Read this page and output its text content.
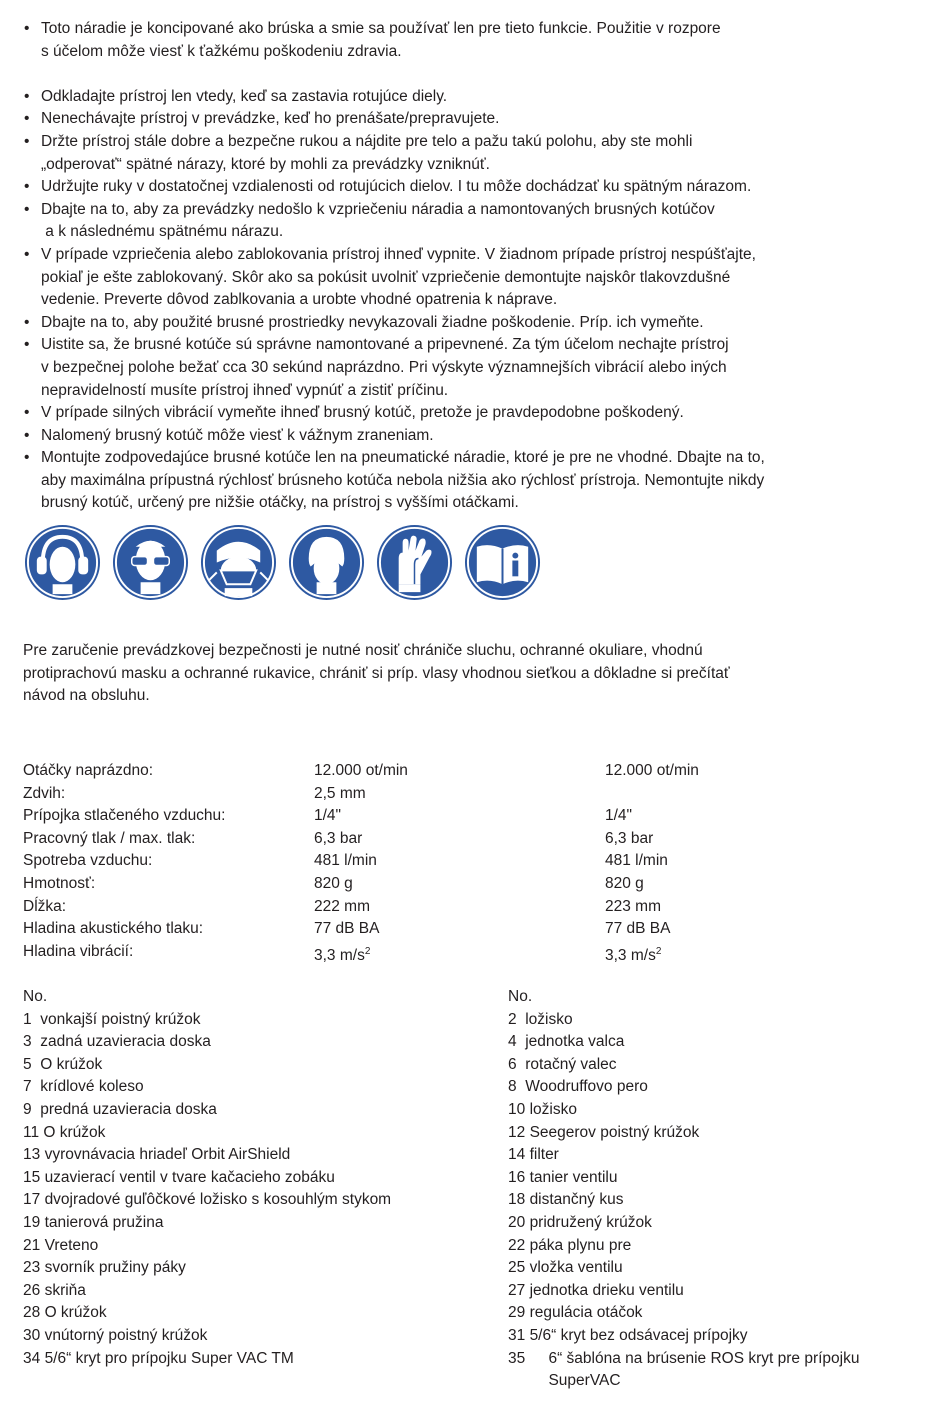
• Toto náradie je koncipované ako brúska a smie sa používať len pre tieto funkcie. Použitie v rozpore
s účelom môže viesť k ťažkému poškodeniu zdravia.
• Odkladajte prístroj len vtedy, keď sa zastavia rotujúce diely.
• Nenechávajte prístroj v prevádzke, keď ho prenášate/prepravujete.
• Držte prístroj stále dobre a bezpečne rukou a nájdite pre telo a pažu takú polohu, aby ste mohli
„odperovať“ spätné nárazy, ktoré by mohli za prevádzky vzniknúť.
• Udržujte ruky v dostatočnej vzdialenosti od rotujúcich dielov. I tu môže dochádzať ku spätným nárazom.
• Dbajte na to, aby za prevádzky nedošlo k vzpriečeniu náradia a namontovaných brusných kotúčov
a k následnému spätnému nárazu.
• V prípade vzpriečenia alebo zablokovania prístroj ihneď vypnite. V žiadnom prípade prístroj nespúšťajte,
pokiaľ je ešte zablokovaný. Skôr ako sa pokúsit uvolniť vzpriečenie demontujte najskôr tlakovzdušné
vedenie. Preverte dôvod zablkovania a urobte vhodné opatrenia k náprave.
• Dbajte na to, aby použité brusné prostriedky nevykazovali žiadne poškodenie. Príp. ich vymeňte.
• Uistite sa, že brusné kotúče sú správne namontované a pripevnené. Za tým účelom nechajte prístroj
v bezpečnej polohe bežať cca 30 sekúnd naprázdno. Pri výskyte významnejších vibrácií alebo iných
nepravidelností musíte prístroj ihneď vypnúť a zistiť príčinu.
• V prípade silných vibrácií vymeňte ihneď brusný kotúč, pretože je pravdepodobne poškodený.
• Nalomený brusný kotúč môže viesť k vážnym zraneniam.
• Montujte zodpovedajúce brusné kotúče len na pneumatické náradie, ktoré je pre ne vhodné. Dbajte na to,
aby maximálna prípustná rýchlosť brúsneho kotúča nebola nižšia ako rýchlosť prístroja. Nemontujte nikdy
brusný kotúč, určený pre nižšie otáčky, na prístroj s vyššími otáčkami.
Pre zaručenie prevádzkovej bezpečnosti je nutné nosiť chrániče sluchu, ochranné okuliare, vhodnú
protiprachovú masku a ochranné rukavice, chrániť si príp. vlasy vhodnou sieťkou a dôkladne si prečítať
návod na obsluhu.
Otáčky naprázdno:	12.000 ot/min	12.000 ot/min
Zdvih:	2,5 mm
Prípojka stlačeného vzduchu:	1/4"	1/4"
Pracovný tlak / max. tlak:	6,3 bar	6,3 bar
Spotreba vzduchu:	481 l/min	481 l/min
Hmotnosť:	820 g	820 g
Dĺžka:	222 mm	223 mm
Hladina akustického tlaku:	77 dB BA	77 dB BA
Hladina vibrácií:	3,3 $m/s^2$	3,3 $m/s^2$
No.
1 vonkajší poistný krúžok
3 zadná uzavieracia doska
5 O krúžok
7 krídlové koleso
9 predná uzavieracia doska
11 O krúžok
13 vyrovnávacia hriadeľ Orbit AirShield
15 uzavierací ventil v tvare kačacieho zobáku
17 dvojradové guľôčkové ložisko s kosouhlým stykom
19 tanierová pružina
21 Vreteno
23 svorník pružiny páky
26 skriňa
28 O krúžok
30 vnútorný poistný krúžok
34 5/6“ kryt pro prípojku Super VAC TM
No.
2 ložisko
4 jednotka valca
6 rotačný valec
8 Woodruffovo pero
10 ložisko
12 Seegerov poistný krúžok
14 filter
16 tanier ventilu
18 distančný kus
20 pridružený krúžok
22 páka plynu pre
25 vložka ventilu
27 jednotka drieku ventilu
29 regulácia otáčok
31 5/6“ kryt bez odsávacej prípojky
35 6“ šablóna na brúsenie ROS kryt pre prípojku SuperVAC
